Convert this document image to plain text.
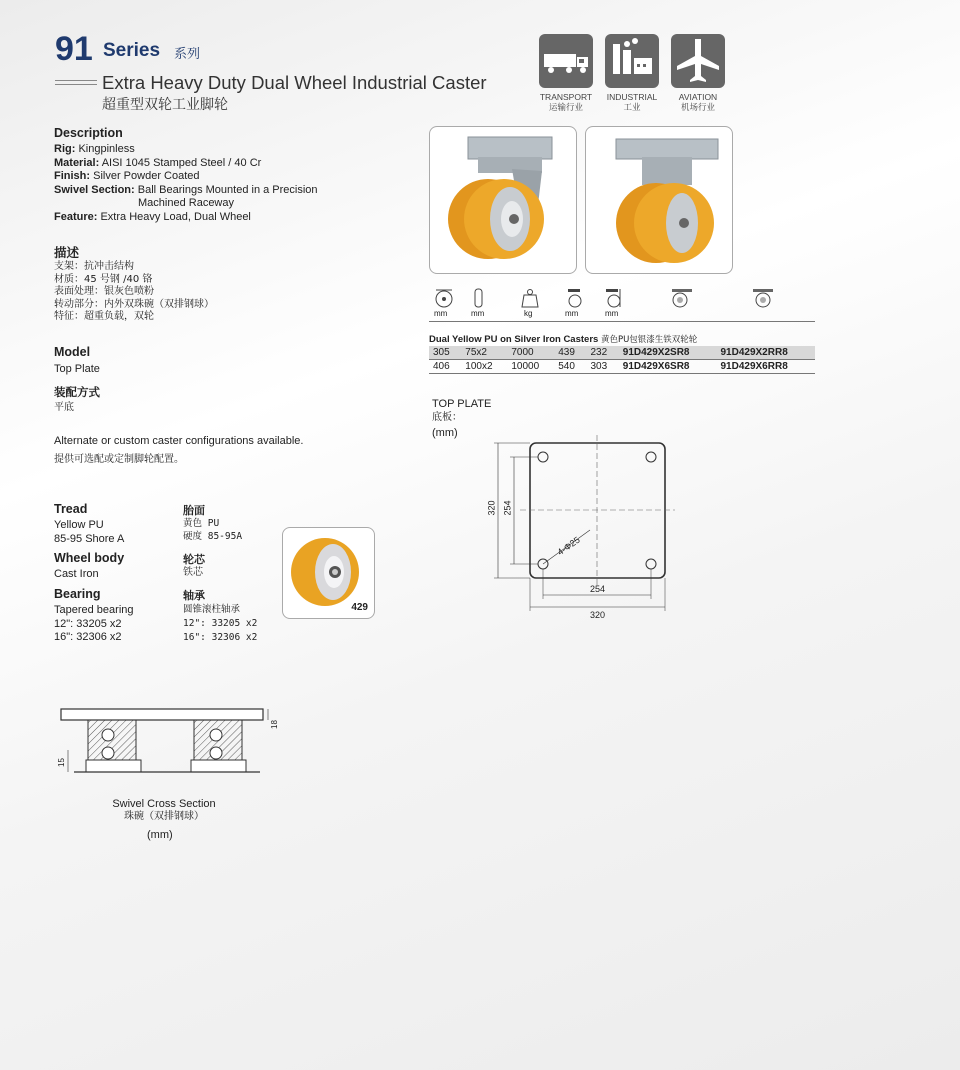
91 Series 系列
Extra Heavy Duty Dual Wheel Industrial Caster
超重型双轮工业脚轮	TRANSPORT
运输行业
INDUSTRIAL
工业
AVIATION
机场行业
Description
Rig: Kingpinless
Material: AISI 1045 Stamped Steel / 40 Cr
Finish: Silver Powder Coated
Swivel Section: Ball Bearings Mounted in a Precision
Machined Raceway
Feature: Extra Heavy Load, Dual Wheel
描述
支架：抗冲击结构
材质：45 号钢 /40 铬
表面处理：银灰色喷粉
转动部分：内外双珠碗（双排钢球）
特征：超重负载，双轮
Model
Top Plate
装配方式
平底
Alternate or custom caster configurations available.
提供可选配或定制脚轮配置。
Tread
Yellow PU
85-95 Shore A
Wheel body
Cast Iron
Bearing
Tapered bearing
12": 33205 x2
16": 32306 x2
胎面
黄色 PU
硬度 85-95A
轮芯
铁芯
轴承
圆锥滚柱轴承
12": 33205 x2
16": 32306 x2
429
mm	mm	kg	mm	mm
Dual Yellow PU on Silver Iron Casters 黄色PU包银漆生铁双轮轮
305	75x2	7000	439	232	91D429X2SR8	91D429X2RR8
406	100x2	10000	540	303	91D429X6SR8	91D429X6RR8
TOP PLATE
底板：
(mm)
320 254
254
320
4-Φ25
18
15
Swivel Cross Section
珠碗（双排钢球）
(mm)
